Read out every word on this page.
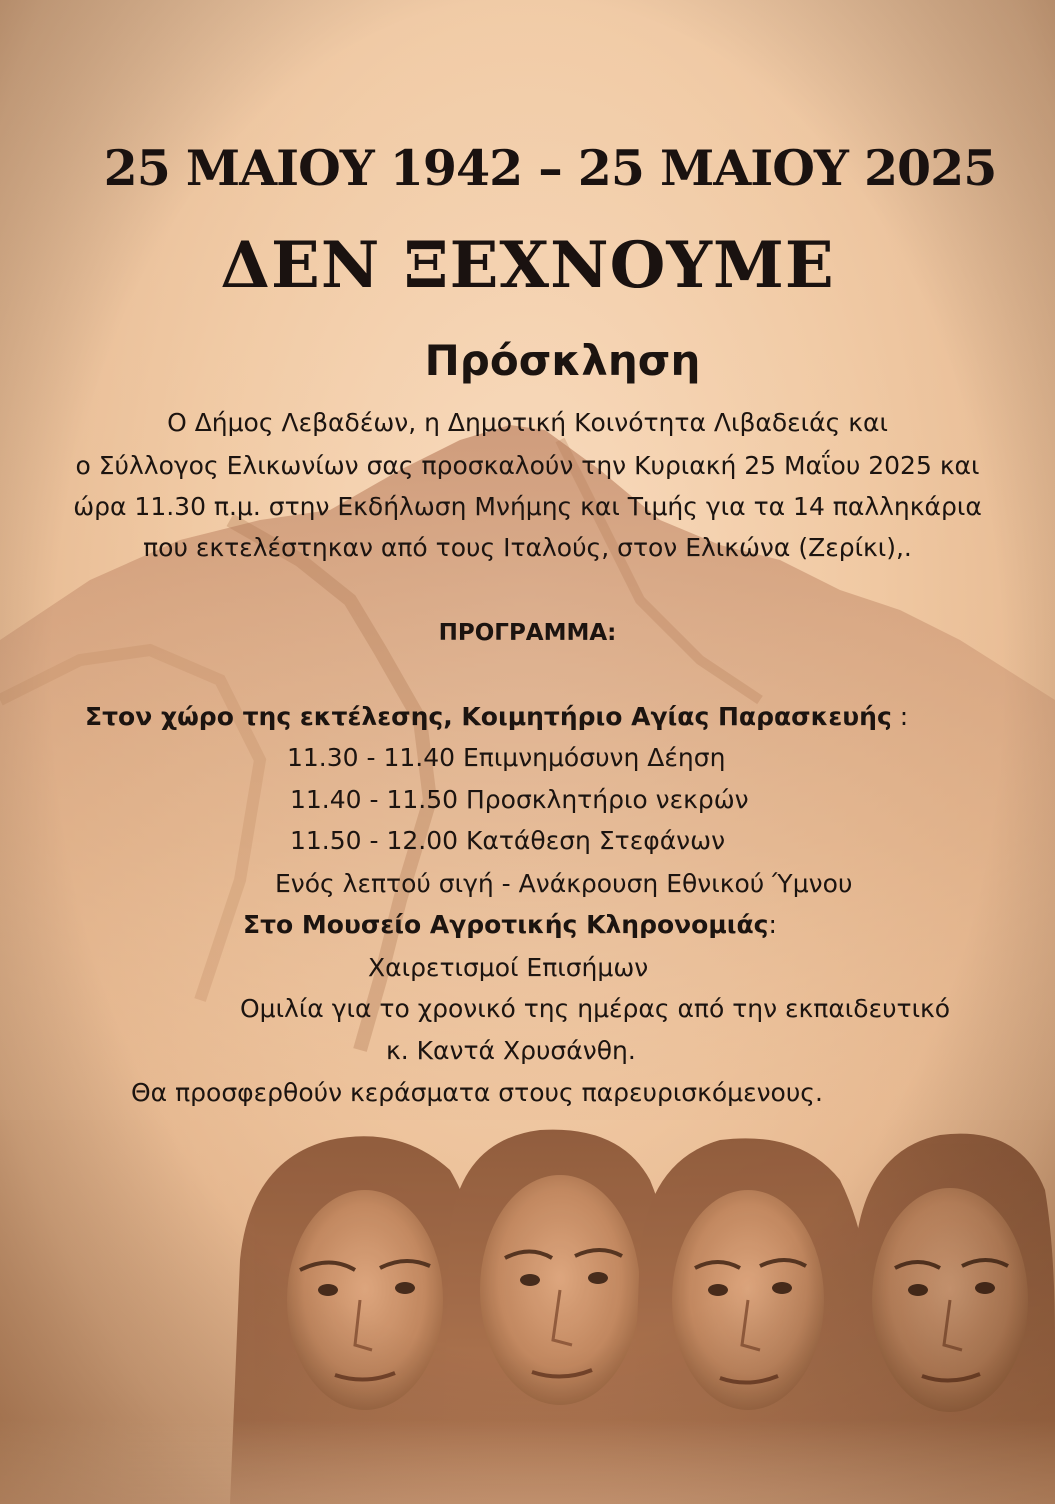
25 ΜΑΙΟΥ 1942 – 25 ΜΑΙΟΥ 2025
ΔΕΝ ΞΕΧΝΟΥΜΕ
Πρόσκληση
Ο Δήμος Λεβαδέων, η Δημοτική Κοινότητα Λιβαδειάς και
ο Σύλλογος Ελικωνίων σας προσκαλούν την Κυριακή 25 Μαΐου 2025 και
ώρα 11.30 π.μ. στην Εκδήλωση Μνήμης και Τιμής για τα 14 παλληκάρια
που εκτελέστηκαν από τους Ιταλούς, στον Ελικώνα (Ζερίκι),.
ΠΡΟΓΡΑΜΜΑ:
Στον χώρο της εκτέλεσης, Κοιμητήριο Αγίας Παρασκευής :
11.30 - 11.40 Επιμνημόσυνη Δέηση
11.40 - 11.50 Προσκλητήριο νεκρών
11.50 - 12.00 Κατάθεση Στεφάνων
Ενός λεπτού σιγή - Ανάκρουση Εθνικού Ύμνου
Στο Μουσείο Αγροτικής Κληρονομιάς:
Χαιρετισμοί Επισήμων
Ομιλία για το χρονικό της ημέρας από την εκπαιδευτικό
κ. Καντά Χρυσάνθη.
Θα προσφερθούν κεράσματα στους παρευρισκόμενους.
